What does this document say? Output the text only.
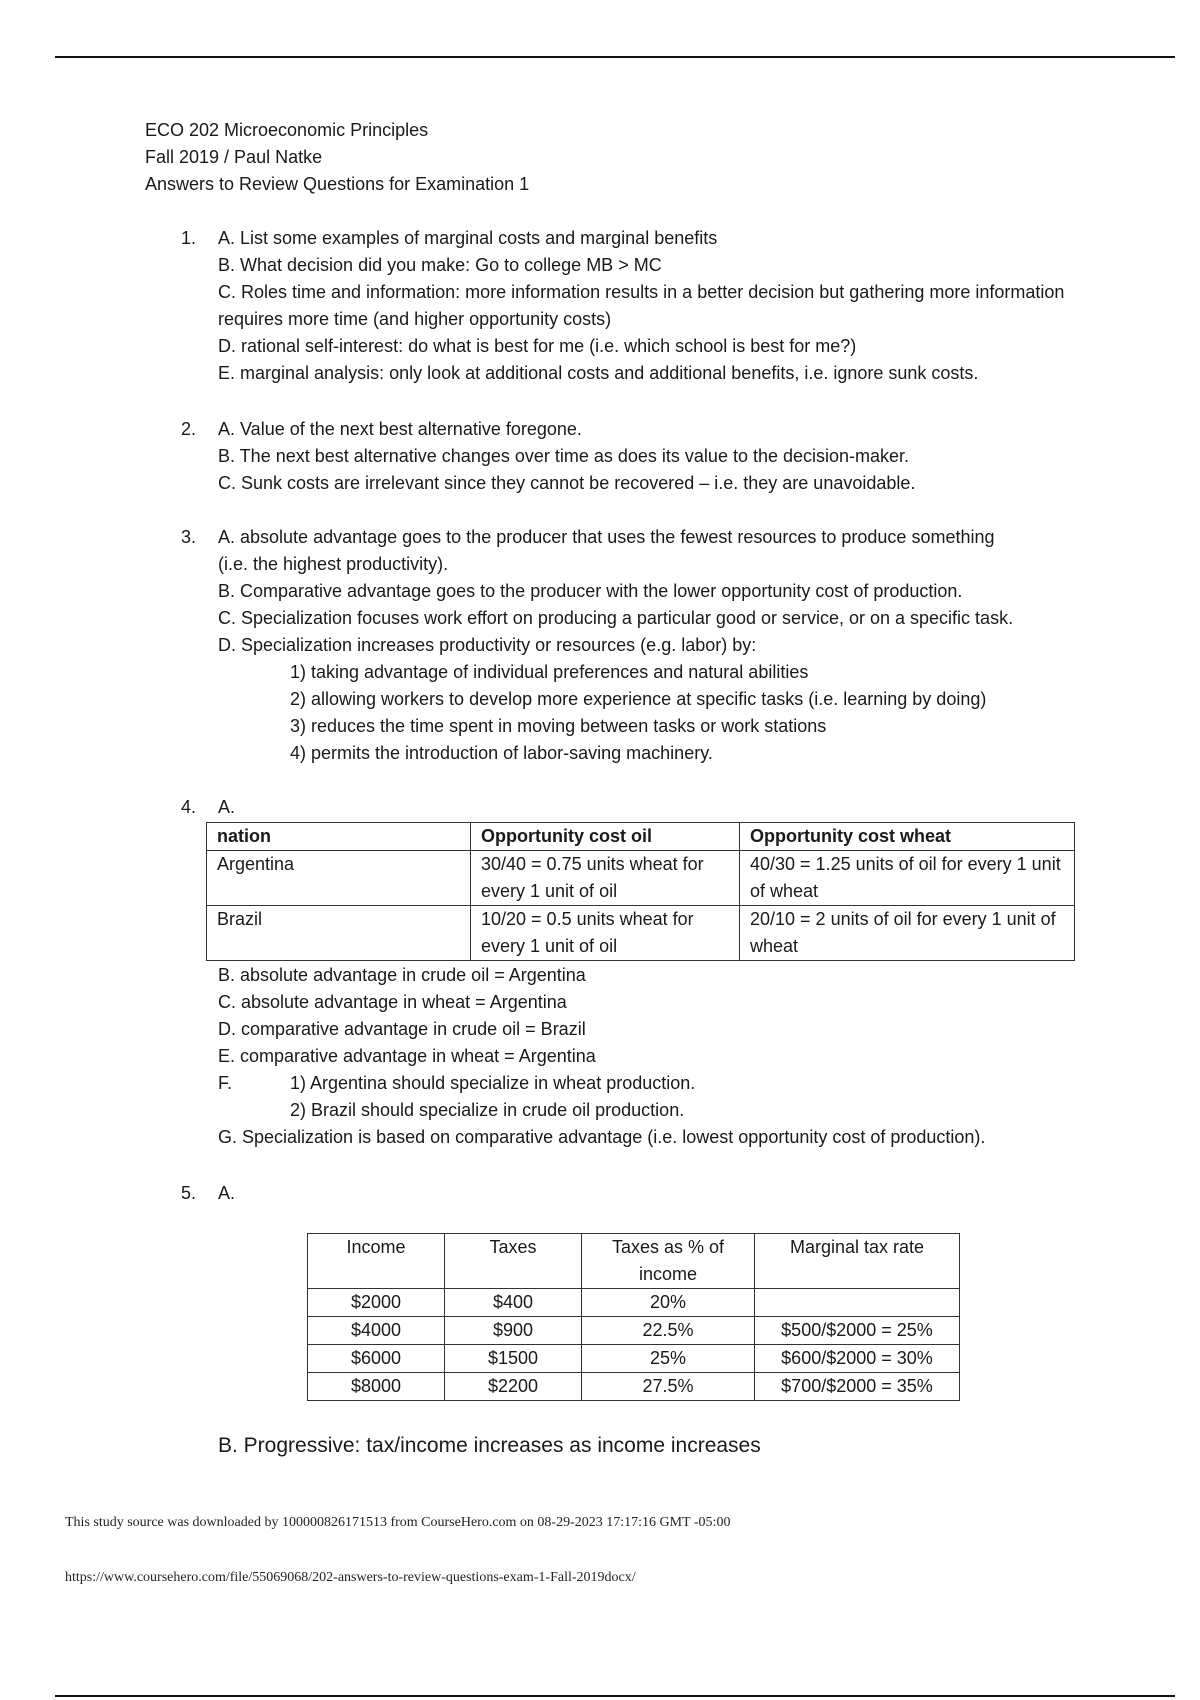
ECO 202 Microeconomic Principles
Fall 2019 / Paul Natke
Answers to Review Questions for Examination 1
1. A. List some examples of marginal costs and marginal benefits
B. What decision did you make: Go to college MB > MC
C. Roles time and information: more information results in a better decision but gathering more information requires more time (and higher opportunity costs)
D. rational self-interest: do what is best for me (i.e. which school is best for me?)
E. marginal analysis: only look at additional costs and additional benefits, i.e. ignore sunk costs.
2. A. Value of the next best alternative foregone.
B. The next best alternative changes over time as does its value to the decision-maker.
C. Sunk costs are irrelevant since they cannot be recovered – i.e. they are unavoidable.
3. A. absolute advantage goes to the producer that uses the fewest resources to produce something (i.e. the highest productivity).
B. Comparative advantage goes to the producer with the lower opportunity cost of production.
C. Specialization focuses work effort on producing a particular good or service, or on a specific task.
D. Specialization increases productivity or resources (e.g. labor) by:
1) taking advantage of individual preferences and natural abilities
2) allowing workers to develop more experience at specific tasks (i.e. learning by doing)
3) reduces the time spent in moving between tasks or work stations
4) permits the introduction of labor-saving machinery.
4. A.
nation	Opportunity cost oil	Opportunity cost wheat
Argentina	30/40 = 0.75 units wheat for every 1 unit of oil	40/30 = 1.25 units of oil for every 1 unit of wheat
Brazil	10/20 = 0.5 units wheat for every 1 unit of oil	20/10 = 2 units of oil for every 1 unit of wheat
B. absolute advantage in crude oil = Argentina
C. absolute advantage in wheat = Argentina
D. comparative advantage in crude oil = Brazil
E. comparative advantage in wheat = Argentina
F.	1) Argentina should specialize in wheat production.
2) Brazil should specialize in crude oil production.
G. Specialization is based on comparative advantage (i.e. lowest opportunity cost of production).
5. A.
Income	Taxes	Taxes as % of income	Marginal tax rate
$2000	$400	20%	
$4000	$900	22.5%	$500/$2000 = 25%
$6000	$1500	25%	$600/$2000 = 30%
$8000	$2200	27.5%	$700/$2000 = 35%
B. Progressive: tax/income increases as income increases
This study source was downloaded by 100000826171513 from CourseHero.com on 08-29-2023 17:17:16 GMT -05:00
https://www.coursehero.com/file/55069068/202-answers-to-review-questions-exam-1-Fall-2019docx/
